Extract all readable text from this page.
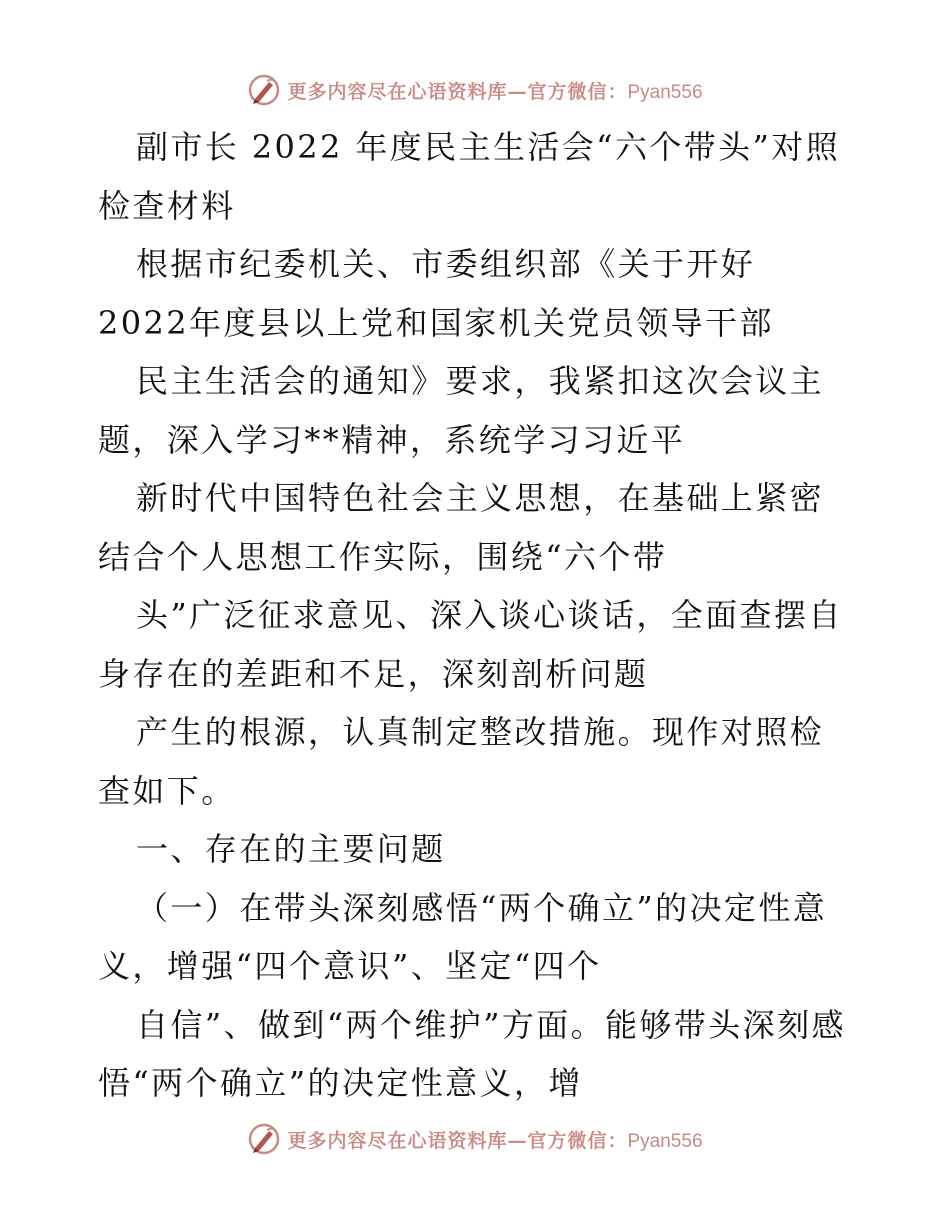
更多内容尽在心语资料库—官方微信：Pyan556

副市长 2022 年度民主生活会“六个带头”对照检查材料

根据市纪委机关、市委组织部《关于开好 2022年度县以上党和国家机关党员领导干部

民主生活会的通知》要求，我紧扣这次会议主题，深入学习**精神，系统学习习近平

新时代中国特色社会主义思想，在基础上紧密结合个人思想工作实际，围绕“六个带

头”广泛征求意见、深入谈心谈话，全面查摆自身存在的差距和不足，深刻剖析问题

产生的根源，认真制定整改措施。现作对照检查如下。

一、存在的主要问题

（一）在带头深刻感悟“两个确立”的决定性意义，增强“四个意识”、坚定“四个

自信”、做到“两个维护”方面。能够带头深刻感悟“两个确立”的决定性意义，增

更多内容尽在心语资料库—官方微信：Pyan556
